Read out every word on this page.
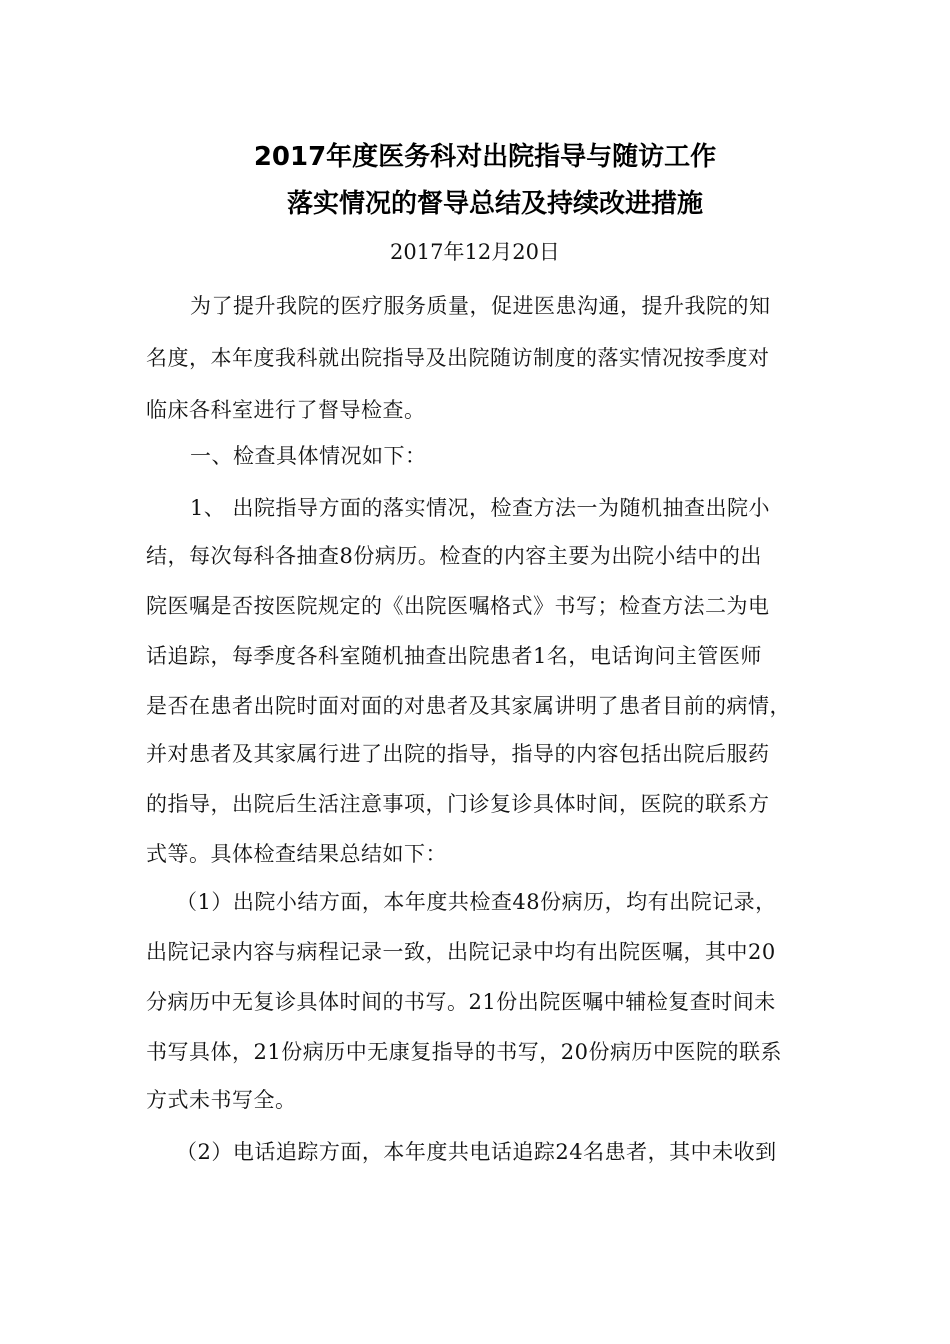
2017年度医务科对出院指导与随访工作
落实情况的督导总结及持续改进措施
2017年12月20日
为了提升我院的医疗服务质量，促进医患沟通，提升我院的知
名度，本年度我科就出院指导及出院随访制度的落实情况按季度对
临床各科室进行了督导检查。
一、检查具体情况如下：
1、 出院指导方面的落实情况，检查方法一为随机抽查出院小
结，每次每科各抽查8份病历。检查的内容主要为出院小结中的出
院医嘱是否按医院规定的《出院医嘱格式》书写；检查方法二为电
话追踪，每季度各科室随机抽查出院患者1名，电话询问主管医师
是否在患者出院时面对面的对患者及其家属讲明了患者目前的病情，
并对患者及其家属行进了出院的指导，指导的内容包括出院后服药
的指导，出院后生活注意事项，门诊复诊具体时间，医院的联系方
式等。具体检查结果总结如下：
（1）出院小结方面，本年度共检查48份病历，均有出院记录，
出院记录内容与病程记录一致，出院记录中均有出院医嘱，其中20
分病历中无复诊具体时间的书写。21份出院医嘱中辅检复查时间未
书写具体，21份病历中无康复指导的书写，20份病历中医院的联系
方式未书写全。
（2）电话追踪方面，本年度共电话追踪24名患者，其中未收到
